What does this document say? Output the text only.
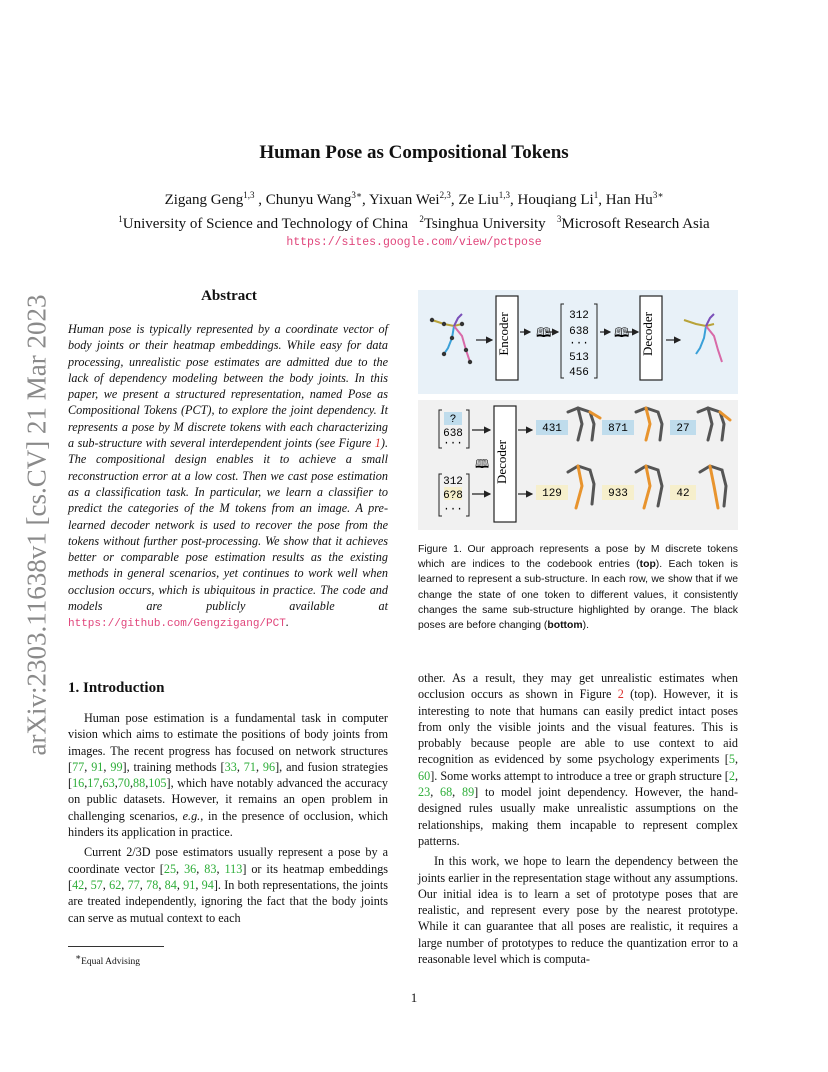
arXiv:2303.11638v1 [cs.CV] 21 Mar 2023
Human Pose as Compositional Tokens
Zigang Geng$^{1,3}$ , Chunyu Wang$^{3∗}$, Yixuan Wei$^{2,3}$, Ze Liu$^{1,3}$, Houqiang Li$^1$, Han $Hu^{3∗}$
$^1$University of Science and Technology of China $^2$Tsinghua University $^3$Microsoft Research Asia
https://sites.google.com/view/pctpose
Abstract
Human pose is typically represented by a coordinate vector of body joints or their heatmap embeddings. While easy for data processing, unrealistic pose estimates are admitted due to the lack of dependency modeling between the body joints. In this paper, we present a structured representation, named Pose as Compositional Tokens (PCT), to explore the joint dependency. It represents a pose by M discrete tokens with each characterizing a sub-structure with several interdependent joints (see Figure 1). The compositional design enables it to achieve a small reconstruction error at a low cost. Then we cast pose estimation as a classification task. In particular, we learn a classifier to predict the categories of the M tokens from an image. A pre-learned decoder network is used to recover the pose from the tokens without further post-processing. We show that it achieves better or comparable pose estimation results as the existing methods in general scenarios, yet continues to work well when occlusion occurs, which is ubiquitous in practice. The code and models are publicly available at https://github.com/Gengzigang/PCT.
1. Introduction

Human pose estimation is a fundamental task in computer vision which aims to estimate the positions of body joints from images. The recent progress has focused on network structures [77, 91, 99], training methods [33, 71, 96], and fusion strategies [16,17,63,70,88,105], which have notably advanced the accuracy on public datasets. However, it remains an open problem in challenging scenarios, e.g., in the presence of occlusion, which hinders its application in practice.

Current 2/3D pose estimators usually represent a pose by a coordinate vector [25, 36, 83, 113] or its heatmap embeddings [42, 57, 62, 77, 78, 84, 91, 94]. In both representations, the joints are treated independently, ignoring the fact that the body joints can serve as mutual context to each

other. As a result, they may get unrealistic estimates when occlusion occurs as shown in Figure 2 (top). However, it is interesting to note that humans can easily predict intact poses from only the visible joints and the visual features. This is probably because people are able to use context to aid recognition as evidenced by some psychology experiments [5, 60]. Some works attempt to introduce a tree or graph structure [2, 23, 68, 89] to model joint dependency. However, the hand-designed rules usually make unrealistic assumptions on the relationships, making them incapable to represent complex patterns.

In this work, we hope to learn the dependency between the joints earlier in the representation stage without any assumptions. Our initial idea is to learn a set of prototype poses that are realistic, and represent every pose by the nearest prototype. While it can guarantee that all poses are realistic, it requires a large number of prototypes to reduce the quantization error to a reasonable level which is computa-

Encoder 🕮
312
638
···
513
456
🕮 Decoder
?
638
···
312
6?8
···
🕮 Decoder
431	871	27
129	933	42
Figure 1. Our approach represents a pose by M discrete tokens which are indices to the codebook entries (top). Each token is learned to represent a sub-structure. In each row, we show that if we change the state of one token to different values, it consistently changes the same sub-structure highlighted by orange. The black poses are before changing (bottom).
∗Equal Advising
1
